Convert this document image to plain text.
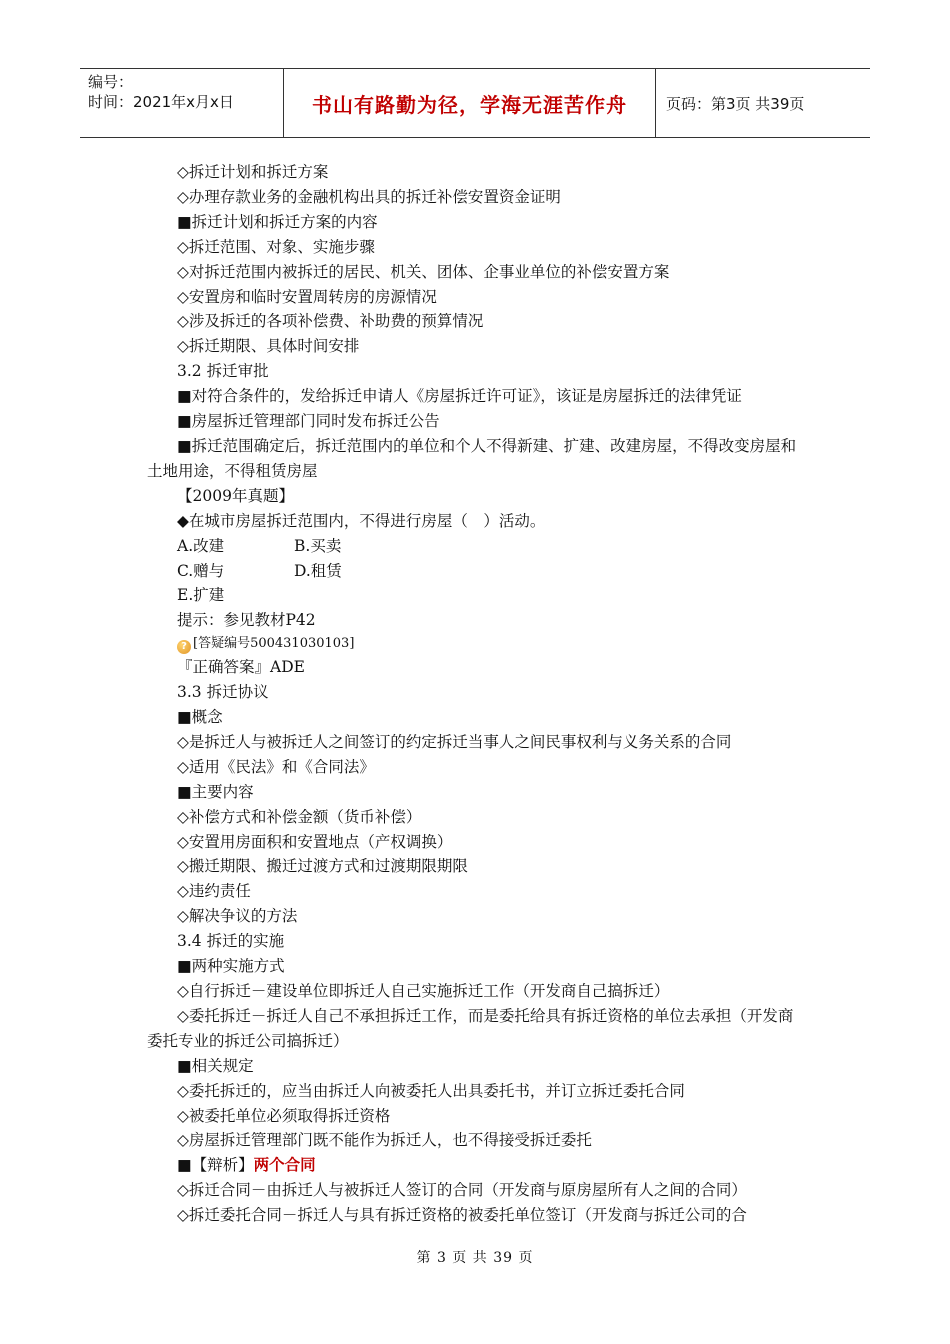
编号：
时间：2021年x月x日	书山有路勤为径，学海无涯苦作舟	页码：第3页 共39页
◇拆迁计划和拆迁方案
◇办理存款业务的金融机构出具的拆迁补偿安置资金证明
■拆迁计划和拆迁方案的内容
◇拆迁范围、对象、实施步骤
◇对拆迁范围内被拆迁的居民、机关、团体、企事业单位的补偿安置方案
◇安置房和临时安置周转房的房源情况
◇涉及拆迁的各项补偿费、补助费的预算情况
◇拆迁期限、具体时间安排
3.2 拆迁审批
■对符合条件的，发给拆迁申请人《房屋拆迁许可证》，该证是房屋拆迁的法律凭证
■房屋拆迁管理部门同时发布拆迁公告
■拆迁范围确定后，拆迁范围内的单位和个人不得新建、扩建、改建房屋，不得改变房屋和土地用途，不得租赁房屋
【2009年真题】
◆在城市房屋拆迁范围内，不得进行房屋（　）活动。
A.改建	B.买卖
C.赠与	D.租赁
E.扩建
提示：参见教材P42
? [答疑编号500431030103]
『正确答案』ADE
3.3 拆迁协议
■概念
◇是拆迁人与被拆迁人之间签订的约定拆迁当事人之间民事权利与义务关系的合同
◇适用《民法》和《合同法》
■主要内容
◇补偿方式和补偿金额（货币补偿）
◇安置用房面积和安置地点（产权调换）
◇搬迁期限、搬迁过渡方式和过渡期限期限
◇违约责任
◇解决争议的方法
3.4 拆迁的实施
■两种实施方式
◇自行拆迁－建设单位即拆迁人自己实施拆迁工作（开发商自己搞拆迁）
◇委托拆迁－拆迁人自己不承担拆迁工作，而是委托给具有拆迁资格的单位去承担（开发商委托专业的拆迁公司搞拆迁）
■相关规定
◇委托拆迁的，应当由拆迁人向被委托人出具委托书，并订立拆迁委托合同
◇被委托单位必须取得拆迁资格
◇房屋拆迁管理部门既不能作为拆迁人，也不得接受拆迁委托
■【辩析】两个合同
◇拆迁合同－由拆迁人与被拆迁人签订的合同（开发商与原房屋所有人之间的合同）
◇拆迁委托合同－拆迁人与具有拆迁资格的被委托单位签订（开发商与拆迁公司的合
第 3 页 共 39 页
